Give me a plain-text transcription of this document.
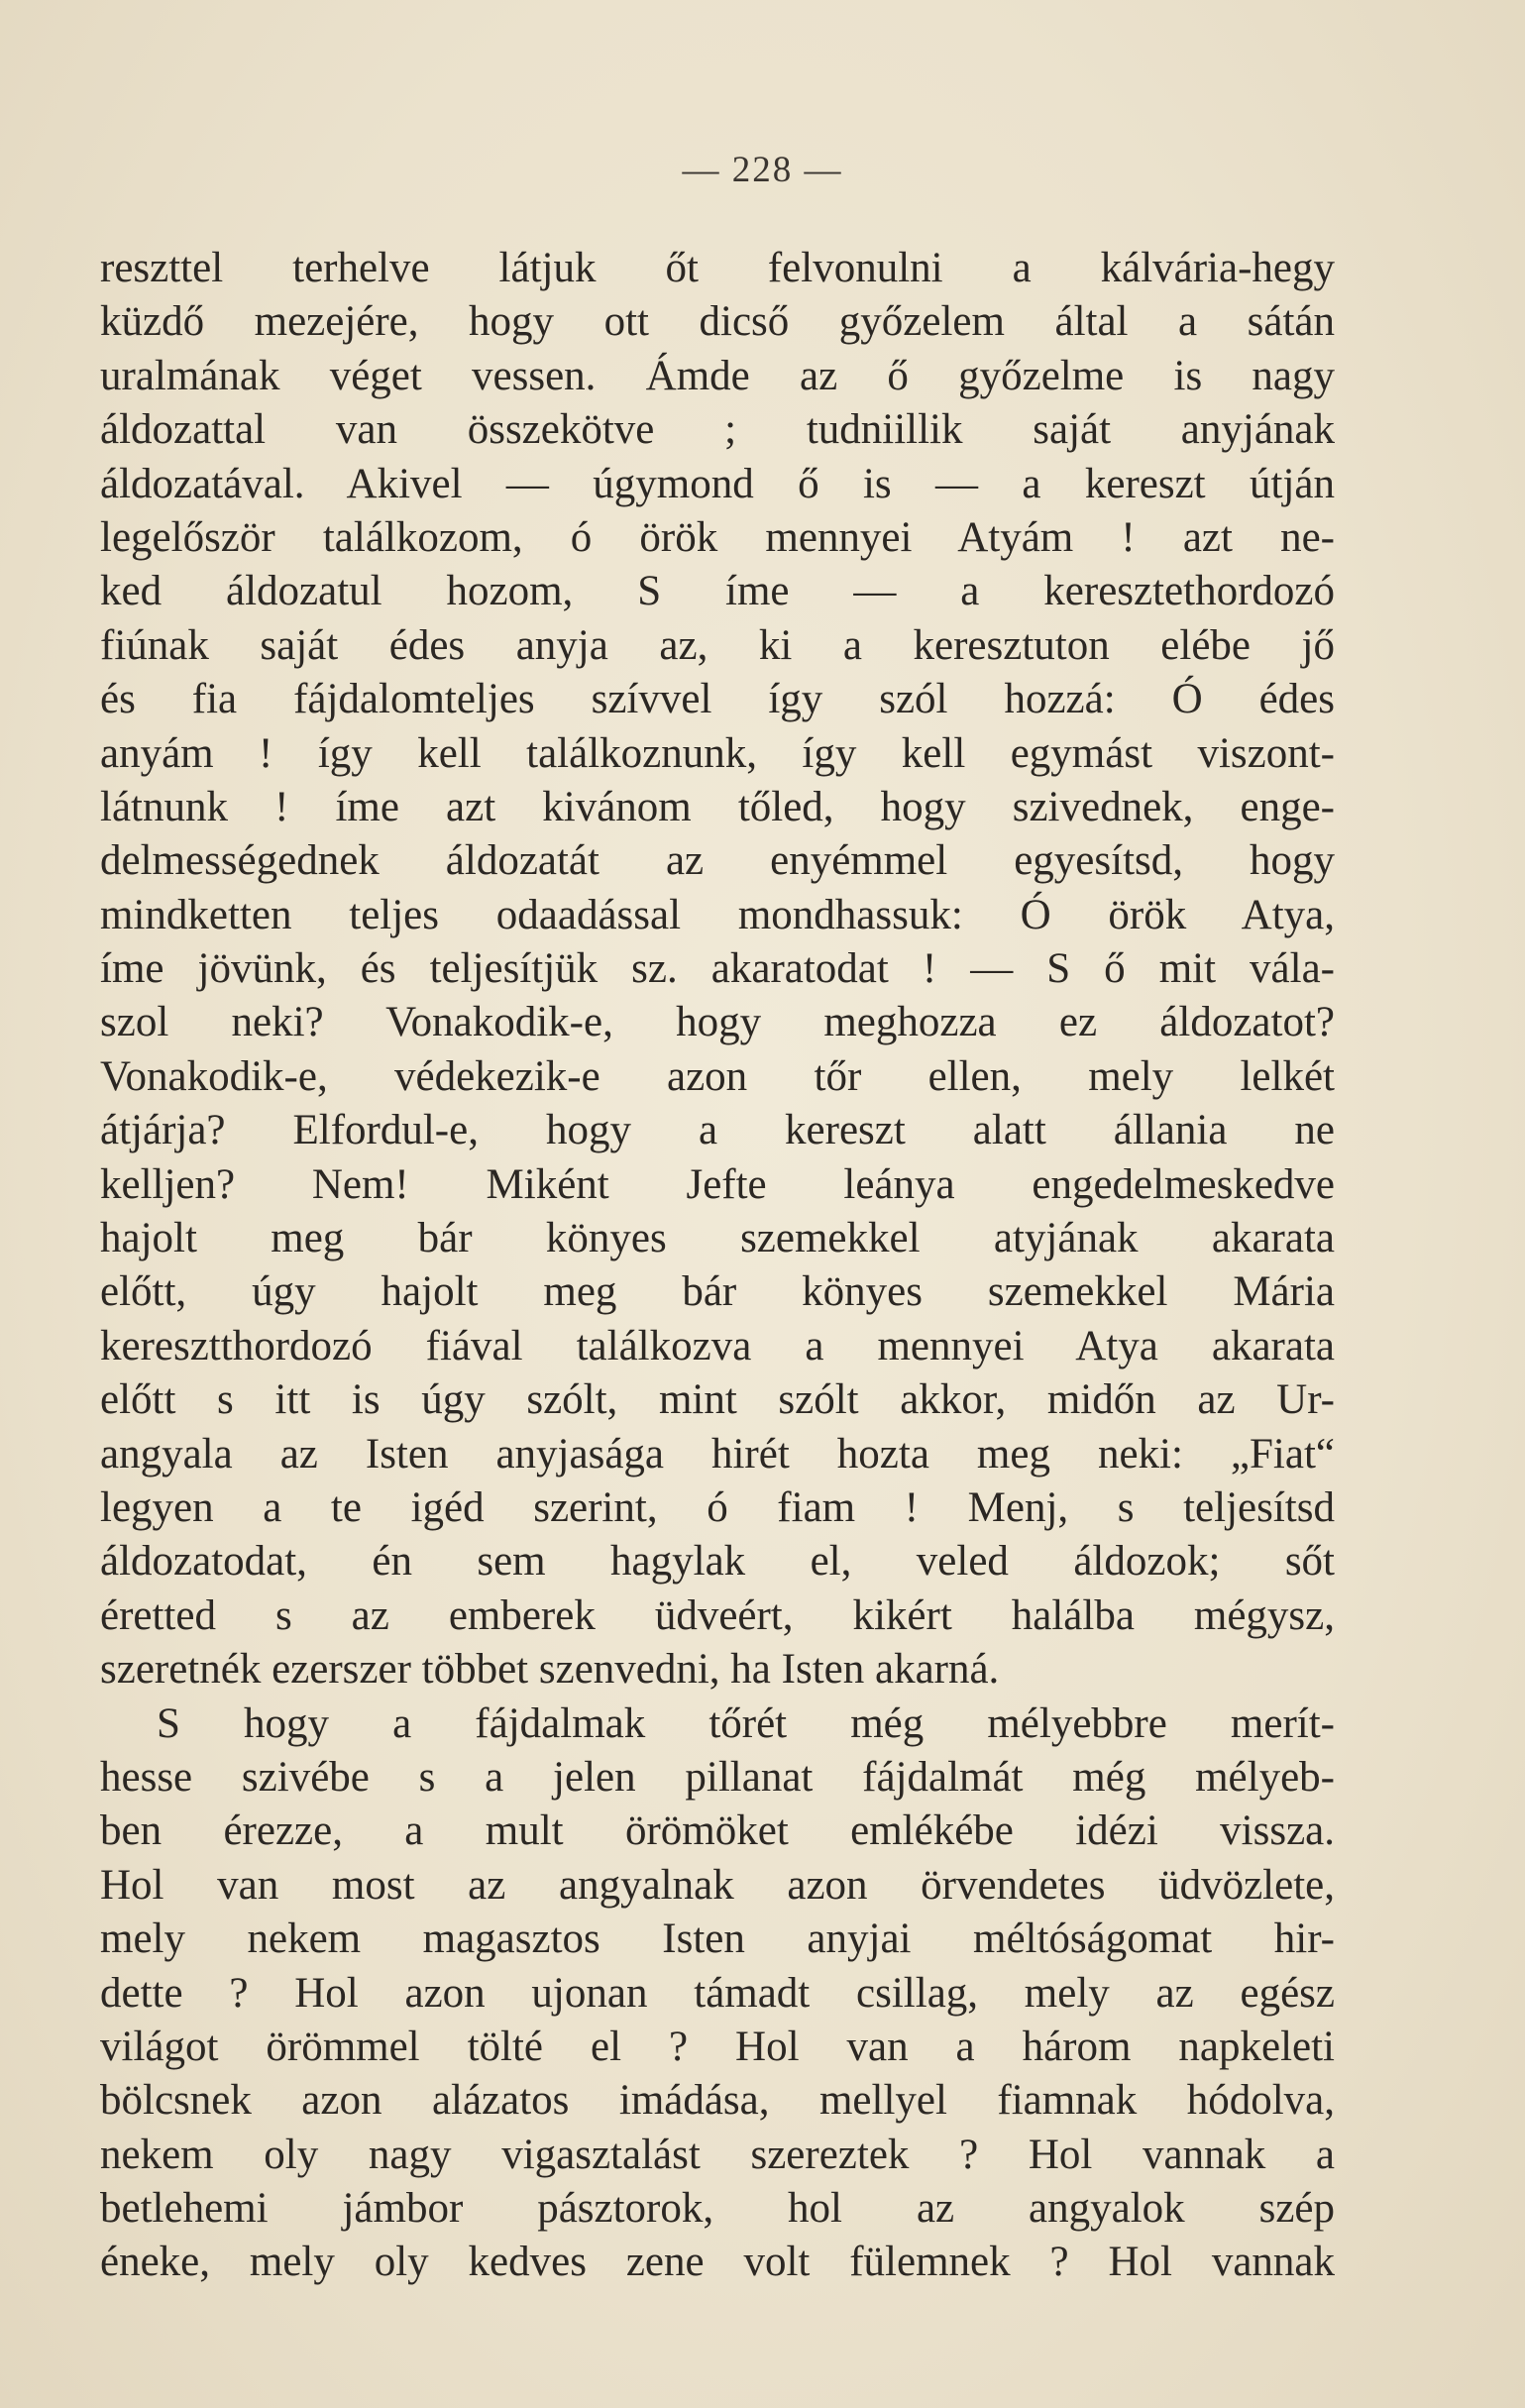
— 228 —

reszttel terhelve látjuk őt felvonulni a kálvária-hegy
küzdő mezejére, hogy ott dicső győzelem által a sátán
uralmának véget vessen. Ámde az ő győzelme is nagy
áldozattal van összekötve ; tudniillik saját anyjának
áldozatával. Akivel — úgymond ő is — a kereszt útján
legelőször találkozom, ó örök mennyei Atyám ! azt ne-
ked áldozatul hozom, S íme — a keresztethordozó
fiúnak saját édes anyja az, ki a keresztuton elébe jő
és fia fájdalomteljes szívvel így szól hozzá: Ó édes
anyám ! így kell találkoznunk, így kell egymást viszont-
látnunk ! íme azt kivánom tőled, hogy szivednek, enge-
delmességednek áldozatát az enyémmel egyesítsd, hogy
mindketten teljes odaadással mondhassuk: Ó örök Atya,
íme jövünk, és teljesítjük sz. akaratodat ! — S ő mit vála-
szol neki? Vonakodik-e, hogy meghozza ez áldozatot?
Vonakodik-e, védekezik-e azon tőr ellen, mely lelkét
átjárja? Elfordul-e, hogy a kereszt alatt állania ne
kelljen? Nem! Miként Jefte leánya engedelmeskedve
hajolt meg bár könyes szemekkel atyjának akarata
előtt, úgy hajolt meg bár könyes szemekkel Mária
keresztthordozó fiával találkozva a mennyei Atya akarata
előtt s itt is úgy szólt, mint szólt akkor, midőn az Ur-
angyala az Isten anyjasága hirét hozta meg neki: „Fiat“
legyen a te igéd szerint, ó fiam ! Menj, s teljesítsd
áldozatodat, én sem hagylak el, veled áldozok; sőt
éretted s az emberek üdveért, kikért halálba mégysz,
szeretnék ezerszer többet szenvedni, ha Isten akarná.
S hogy a fájdalmak tőrét még mélyebbre merít-
hesse szivébe s a jelen pillanat fájdalmát még mélyeb-
ben érezze, a mult örömöket emlékébe idézi vissza.
Hol van most az angyalnak azon örvendetes üdvözlete,
mely nekem magasztos Isten anyjai méltóságomat hir-
dette ? Hol azon ujonan támadt csillag, mely az egész
világot örömmel tölté el ? Hol van a három napkeleti
bölcsnek azon alázatos imádása, mellyel fiamnak hódolva,
nekem oly nagy vigasztalást szereztek ? Hol vannak a
betlehemi jámbor pásztorok, hol az angyalok szép
éneke, mely oly kedves zene volt fülemnek ? Hol vannak
